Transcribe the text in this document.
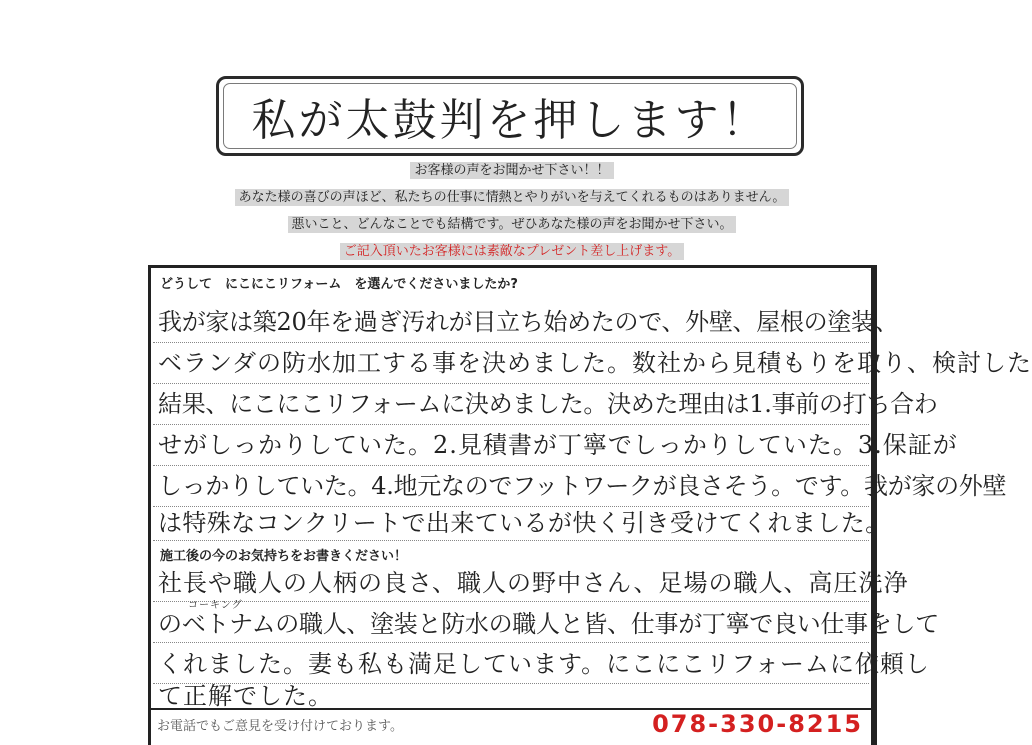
私が太鼓判を押します！
お客様の声をお聞かせ下さい！！
あなた様の喜びの声ほど、私たちの仕事に情熱とやりがいを与えてくれるものはありません。
悪いこと、どんなことでも結構です。ぜひあなた様の声をお聞かせ下さい。
ご記入頂いたお客様には素敵なプレゼント差し上げます。
どうして　にこにこリフォーム　を選んでくださいましたか?
我が家は築20年を過ぎ汚れが目立ち始めたので、外壁、屋根の塗装、
ベランダの防水加工する事を決めました。数社から見積もりを取り、検討した
結果、にこにこリフォームに決めました。決めた理由は1.事前の打ち合わ
せがしっかりしていた。2.見積書が丁寧でしっかりしていた。3.保証が
しっかりしていた。4.地元なのでフットワークが良さそう。です。我が家の外壁
は特殊なコンクリートで出来ているが快く引き受けてくれました。
施工後の今のお気持ちをお書きください！
社長や職人の人柄の良さ、職人の野中さん、足場の職人、高圧洗浄
コーキング
のベトナムの職人、塗装と防水の職人と皆、仕事が丁寧で良い仕事をして
くれました。妻も私も満足しています。にこにこリフォームに依頼し
て正解でした。
お電話でもご意見を受け付けております。	078-330-8215
